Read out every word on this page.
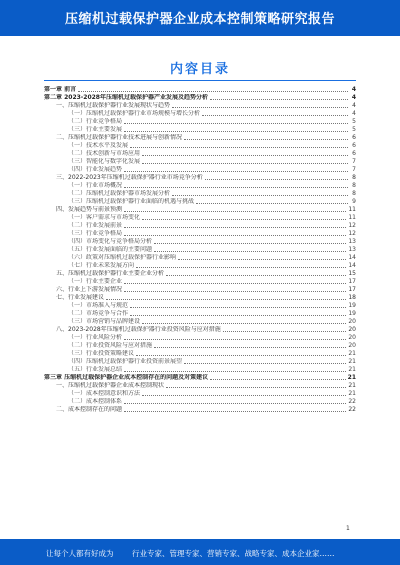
压缩机过载保护器企业成本控制策略研究报告
内容目录
第一章 前言	4
第二章 2023-2028年压缩机过载保护器产业发展及趋势分析	4
一、压缩机过载保护器行业发展现状与趋势	4
（一）压缩机过载保护器行业市场规模与增长分析	4
（二）行业竞争格局	5
（三）行业主要发展	5
二、压缩机过载保护器行业技术进展与创新情况	6
（一）技术水平及发展	6
（二）技术创新与市场应用	6
（三）智能化与数字化发展	7
（四）行业发展趋势	7
三、2022-2023年压缩机过载保护器行业市场竞争分析	8
（一）行业市场概况	8
（二）压缩机过载保护器市场发展分析	8
（三）压缩机过载保护器行业面临的机遇与挑战	9
四、发展趋势与前景预测	11
（一）客户需求与市场变化	11
（二）行业发展前景	12
（三）行业竞争格局	12
（四）市场变化与竞争格局分析	13
（五）行业发展面临的主要问题	13
（六）政策对压缩机过载保护器行业影响	14
（七）行业未来发展方向	14
五、压缩机过载保护器行业主要企业分析	15
（一）行业主要企业	17
六、行业上下游发展情况	17
七、行业发展建议	18
（一）市场准入与规范	19
（二）市场竞争与合作	19
（三）市场营销与品牌建设	20
八、2023-2028年压缩机过载保护器行业投资风险与应对措施	20
（一）行业风险分析	20
（二）行业投资风险与应对措施	20
（三）行业投资策略建议	21
（四）压缩机过载保护器行业投资前景展望	21
（五）行业发展总结	21
第三章 压缩机过载保护器企业成本控制存在的问题及对策建议	21
一、压缩机过载保护器企业成本控制现状	21
（一）成本控制意识和方法	21
（二）成本控制体系	22
二、成本控制存在的问题	22
1
让每个人都有好成为 行业专家、管理专家、营销专家、战略专家、成本企业家……
